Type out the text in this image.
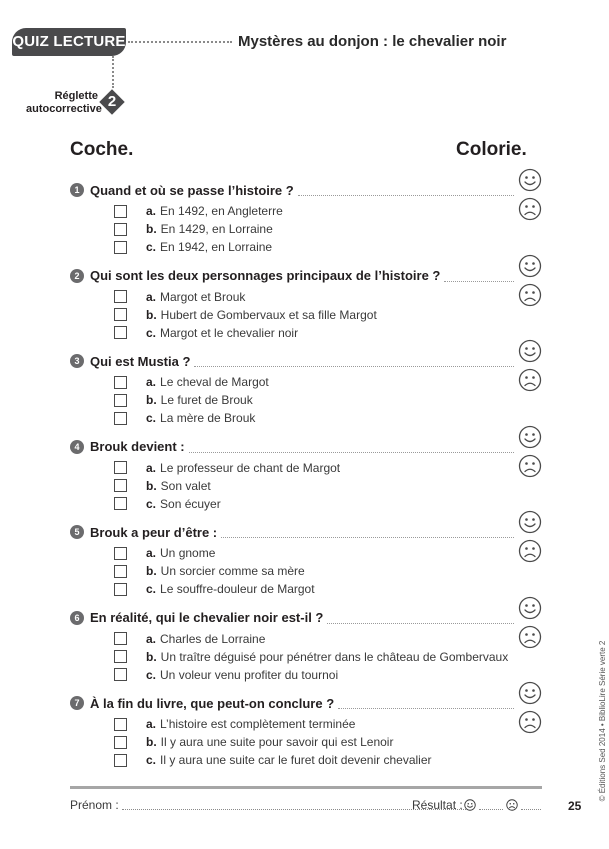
QUIZ LECTURE	Mystères au donjon : le chevalier noir
Réglette
autocorrective 2
Coche.	Colorie.
1 Quand et où se passe l’histoire ?
a. En 1492, en Angleterre
b. En 1429, en Lorraine
c. En 1942, en Lorraine
2 Qui sont les deux personnages principaux de l’histoire ?
a. Margot et Brouk
b. Hubert de Gombervaux et sa fille Margot
c. Margot et le chevalier noir
3 Qui est Mustia ?
a. Le cheval de Margot
b. Le furet de Brouk
c. La mère de Brouk
4 Brouk devient :
a. Le professeur de chant de Margot
b. Son valet
c. Son écuyer
5 Brouk a peur d’être :
a. Un gnome
b. Un sorcier comme sa mère
c. Le souffre-douleur de Margot
6 En réalité, qui le chevalier noir est-il ?
a. Charles de Lorraine
b. Un traître déguisé pour pénétrer dans le château de Gombervaux
c. Un voleur venu profiter du tournoi
7 À la fin du livre, que peut-on conclure ?
a. L’histoire est complètement terminée
b. Il y aura une suite pour savoir qui est Lenoir
c. Il y aura une suite car le furet doit devenir chevalier
Prénom :	Résultat :	25
© Éditions Sed 2014 • BiblioLire Série verte 2
